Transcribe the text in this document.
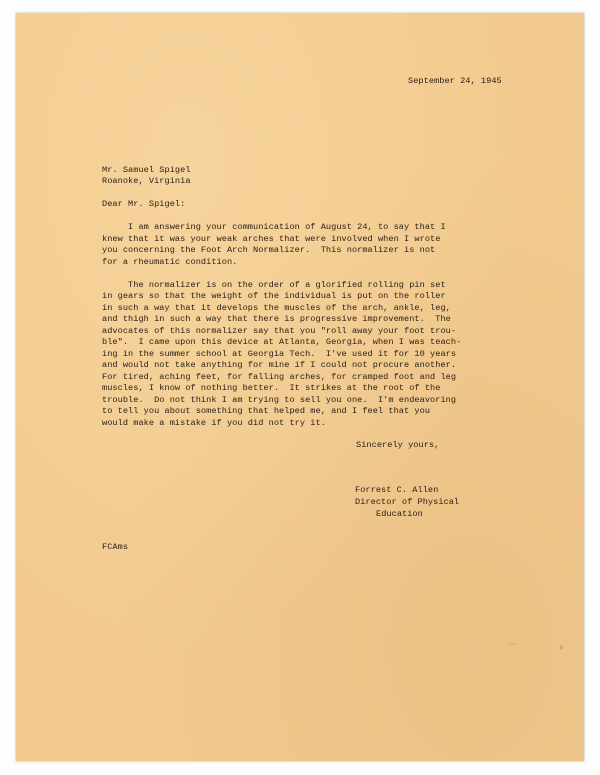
September 24, 1945
Mr. Samuel Spigel
Roanoke, Virginia
Dear Mr. Spigel:
I am answering your communication of August 24, to say that I
knew that it was your weak arches that were involved when I wrote
you concerning the Foot Arch Normalizer.  This normalizer is not
for a rheumatic condition.
The normalizer is on the order of a glorified rolling pin set
in gears so that the weight of the individual is put on the roller
in such a way that it develops the muscles of the arch, ankle, leg,
and thigh in such a way that there is progressive improvement.  The
advocates of this normalizer say that you "roll away your foot trou-
ble".  I came upon this device at Atlanta, Georgia, when I was teach-
ing in the summer school at Georgia Tech.  I've used it for 10 years
and would not take anything for mine if I could not procure another.
For tired, aching feet, for falling arches, for cramped foot and leg
muscles, I know of nothing better.  It strikes at the root of the
trouble.  Do not think I am trying to sell you one.  I'm endeavoring
to tell you about something that helped me, and I feel that you
would make a mistake if you did not try it.
Sincerely yours,
Forrest C. Allen
Director of Physical
Education
FCAms
